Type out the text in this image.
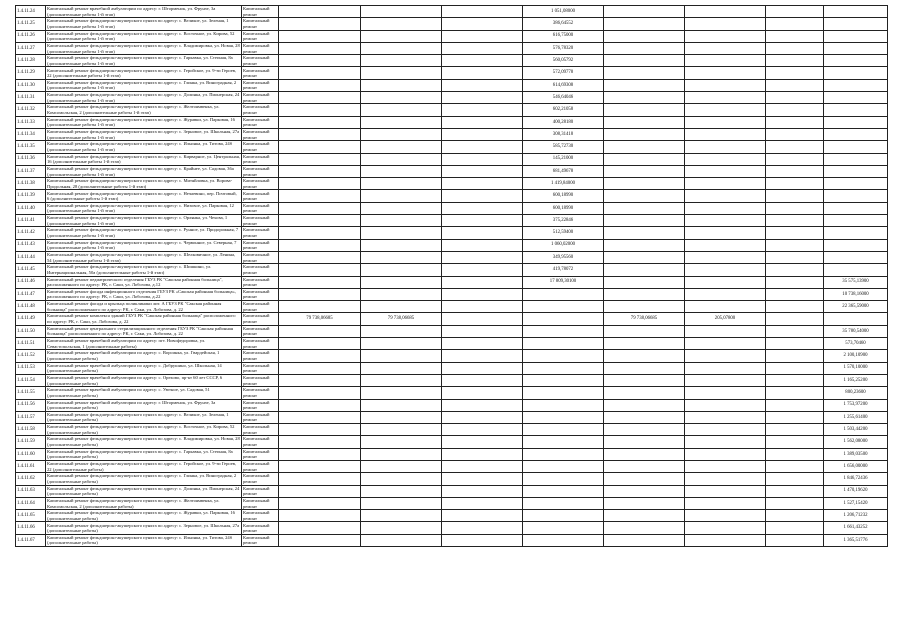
1.4.11.24	Капитальный ремонт врачебной амбулатории по адресу: г. Шторменок, ул. Фрунзе, 3а (дополнительные работы 1-й этап)	Капитальный ремонт				1 051,08000					
1.4.11.25	Капитальный ремонт фельдшерско-акушерского пункта по адресу: с. Великое, ул. Зеленая, 1 (дополнительные работы 1-й этап)	Капитальный ремонт				386,64552					
1.4.11.26	Капитальный ремонт фельдшерско-акушерского пункта по адресу: с. Восточное, ул. Кирова, 52 (дополнительные работы 1-й этап)	Капитальный ремонт				616,75000					
1.4.11.27	Капитальный ремонт фельдшерско-акушерского пункта по адресу: с. Владимировка, ул. Новая, 28 (дополнительные работы 1-й этап)	Капитальный ремонт				576,78320					
1.4.11.28	Капитальный ремонт фельдшерско-акушерского пункта по адресу: с. Гаркавка, ул. Степная, 8а (дополнительные работы 1-й этап)	Капитальный ремонт				560,05792					
1.4.11.29	Капитальный ремонт фельдшерско-акушерского пункта по адресу: с. Геройское, ул. 9-ти Героев, 22 (дополнительные работы 1-й этап)	Капитальный ремонт				572,09778					
1.4.11.30	Капитальный ремонт фельдшерско-акушерского пункта по адресу: с. Глинка, ул. Виноградная, 2 (дополнительные работы 1-й этап)	Капитальный ремонт				614,69308					
1.4.11.31	Капитальный ремонт фельдшерско-акушерского пункта по адресу: с. Долинка, ул. Пионерская, 24 (дополнительные работы 1-й этап)	Капитальный ремонт				546,64046					
1.4.11.32	Капитальный ремонт фельдшерско-акушерского пункта по адресу: с. Желтоямвенка, ул. Комсомольская, 2 (дополнительные работы 1-й этап)	Капитальный ремонт				602,21058					
1.4.11.33	Капитальный ремонт фельдшерско-акушерского пункта по адресу: с. Журавки, ул. Парковая, 16 (дополнительные работы 1-й этап)	Капитальный ремонт				400,28180					
1.4.11.34	Капитальный ремонт фельдшерско-акушерского пункта по адресу: с. Зерновое, ул. Школьная, 27а (дополнительные работы 1-й этап)	Капитальный ремонт				308,31418					
1.4.11.35	Капитальный ремонт фельдшерско-акушерского пункта по адресу: с. Ильинка, ул. Титова, 24б (дополнительные работы 1-й этап)	Капитальный ремонт				585,72730					
1.4.11.36	Капитальный ремонт фельдшерско-акушерского пункта по адресу: с. Кирварное, ул. Центральная, 16 (дополнительные работы 1-й этап)	Капитальный ремонт				145,21000					
1.4.11.37	Капитальный ремонт фельдшерско-акушерского пункта по адресу: с. Крайнее, ул. Садовая, 36а (дополнительные работы 1-й этап)	Капитальный ремонт				681,49678					
1.4.11.38	Капитальный ремонт фельдшерско-акушерского пункта по адресу: с. Митяйловка, ул. Ворова-Продольная, 28 (дополнительные работы 1-й этап)	Капитальный ремонт				1 419,84000					
1.4.11.39	Капитальный ремонт фельдшерско-акушерского пункта по адресу: с. Нечаевино, пер. Почтовый, 6 (дополнительные работы 1-й этап)	Капитальный ремонт				600,18990					
1.4.11.40	Капитальный ремонт фельдшерско-акушерского пункта по адресу: с. Низовое, ул. Парковая, 12 (дополнительные работы 1-й этап)	Капитальный ремонт				600,18990					
1.4.11.41	Капитальный ремонт фельдшерско-акушерского пункта по адресу: с. Орлянка, ул. Чехова, 1 (дополнительные работы 1-й этап)	Капитальный ремонт				375,22846					
1.4.11.42	Капитальный ремонт фельдшерско-акушерского пункта по адресу: с. Рунное, ул. Придорожная, 7 (дополнительные работы 1-й этап)	Капитальный ремонт				512,59400					
1.4.11.43	Капитальный ремонт фельдшерско-акушерского пункта по адресу: с. Червонное, ул. Северная, 7 (дополнительные работы 1-й этап)	Капитальный ремонт				1 060,02000					
1.4.11.44	Капитальный ремонт фельдшерско-акушерского пункта по адресу: с. Шелковичное, ул. Ленина, 54 (дополнительные работы 1-й этап)	Капитальный ремонт				349,95560					
1.4.11.45	Капитальный ремонт фельдшерско-акушерского пункта по адресу: с. Шишкино, ул. Интернациональная, 50а (дополнительные работы 1-й этап)	Капитальный ремонт				419,78072					
1.4.11.46	Капитальный ремонт педиатрического отделения ГБУЗ РК "Сакская районная больница", расположенного по адресу: РК, г. Саки, ул. Лобозова, д.12	Капитальный ремонт				17 809,30100				35 575,13900	
1.4.11.47	Капитальный ремонт фасада инфекционного отделения ГБУЗ РК «Сакская районная больница», расположенного по адресу: РК, г. Саки, ул. Лобозова, д.22	Капитальный ремонт								10 738,16000	
1.4.11.48	Капитальный ремонт фасада и крыльца поликлиники лит. А ГБУЗ РК "Сакская районная больница" расположенного по адресу: РК, г. Саки, ул. Лобозова, д. 22	Капитальный ремонт								22 365,59000	
1.4.11.49	Капитальный ремонт комплекса зданий ГБУЗ РК "Сакская районная больница" расположенного по адресу: РК, г. Саки, ул. Лобозова, д. 22	Капитальный ремонт	79 738,06685	79 738,06685			79 738,06685	205,07800			
1.4.11.50	Капитальный ремонт центрального стерилизационного отделения ГБУЗ РК "Сакская районная больница" расположенного по адресу: РК, г. Саки, ул. Лобозова, д. 22	Капитальный ремонт								35 780,54000	
1.4.11.51	Капитальный ремонт врачебной амбулатории по адресу: пгт. Новофедоровка, ул. Севастопольская, 1 (дополнительные работы)	Капитальный ремонт								573,70460	
1.4.11.52	Капитальный ремонт врачебной амбулатории по адресу: с. Ворсинка, ул. Гвардейская, 1 (дополнительные работы)	Капитальный ремонт								2 100,10900	
1.4.11.53	Капитальный ремонт врачебной амбулатории по адресу: с. Добрушино, ул. Школьная, 14 (дополнительные работы)	Капитальный ремонт								1 570,10000	
1.4.11.54	Капитальный ремонт врачебной амбулатории по адресу: с. Орехово, пр-кт 60 лет СССР, 6 (дополнительные работы)	Капитальный ремонт								1 165,25200	
1.4.11.55	Капитальный ремонт врачебной амбулатории по адресу: с. Уютное, ул. Садовая, 51 (дополнительные работы)	Капитальный ремонт								800,23600	
1.4.11.56	Капитальный ремонт врачебной амбулатории по адресу: г. Шторменок, ул. Фрунзе, 3а (дополнительные работы)	Капитальный ремонт								1 753,97200	
1.4.11.57	Капитальный ремонт фельдшерско-акушерского пункта по адресу: с. Великое, ул. Зеленая, 1 (дополнительные работы)	Капитальный ремонт								1 255,61400	
1.4.11.58	Капитальный ремонт фельдшерско-акушерского пункта по адресу: с. Восточное, ул. Кирова, 52 (дополнительные работы)	Капитальный ремонт								1 503,44200	
1.4.11.59	Капитальный ремонт фельдшерско-акушерского пункта по адресу: с. Владимировка, ул. Новая, 28 (дополнительные работы)	Капитальный ремонт								1 562,08000	
1.4.11.60	Капитальный ремонт фельдшерско-акушерского пункта по адресу: с. Гаркавка, ул. Степная, 8а (дополнительные работы)	Капитальный ремонт								1 389,03500	
1.4.11.61	Капитальный ремонт фельдшерско-акушерского пункта по адресу: с. Геройское, ул. 9-ти Героев, 22 (дополнительные работы)	Капитальный ремонт								1 656,00000	
1.4.11.62	Капитальный ремонт фельдшерско-акушерского пункта по адресу: с. Глинка, ул. Виноградная, 2 (дополнительные работы)	Капитальный ремонт								1 846,72436	
1.4.11.63	Капитальный ремонт фельдшерско-акушерского пункта по адресу: с. Долинка, ул. Пионерская, 24 (дополнительные работы)	Капитальный ремонт								1 470,19620	
1.4.11.64	Капитальный ремонт фельдшерско-акушерского пункта по адресу: с. Желтоямвенка, ул. Комсомольская, 2 (дополнительные работы)	Капитальный ремонт								1 527,15420	
1.4.11.65	Капитальный ремонт фельдшерско-акушерского пункта по адресу: с. Журавки, ул. Парковая, 16 (дополнительные работы)	Капитальный ремонт								1 206,71232	
1.4.11.66	Капитальный ремонт фельдшерско-акушерского пункта по адресу: с. Зерновое, ул. Школьная, 27а (дополнительные работы)	Капитальный ремонт								1 661,43252	
1.4.11.67	Капитальный ремонт фельдшерско-акушерского пункта по адресу: с. Ильинка, ул. Титова, 24б (дополнительные работы)	Капитальный ремонт								1 365,51776	
